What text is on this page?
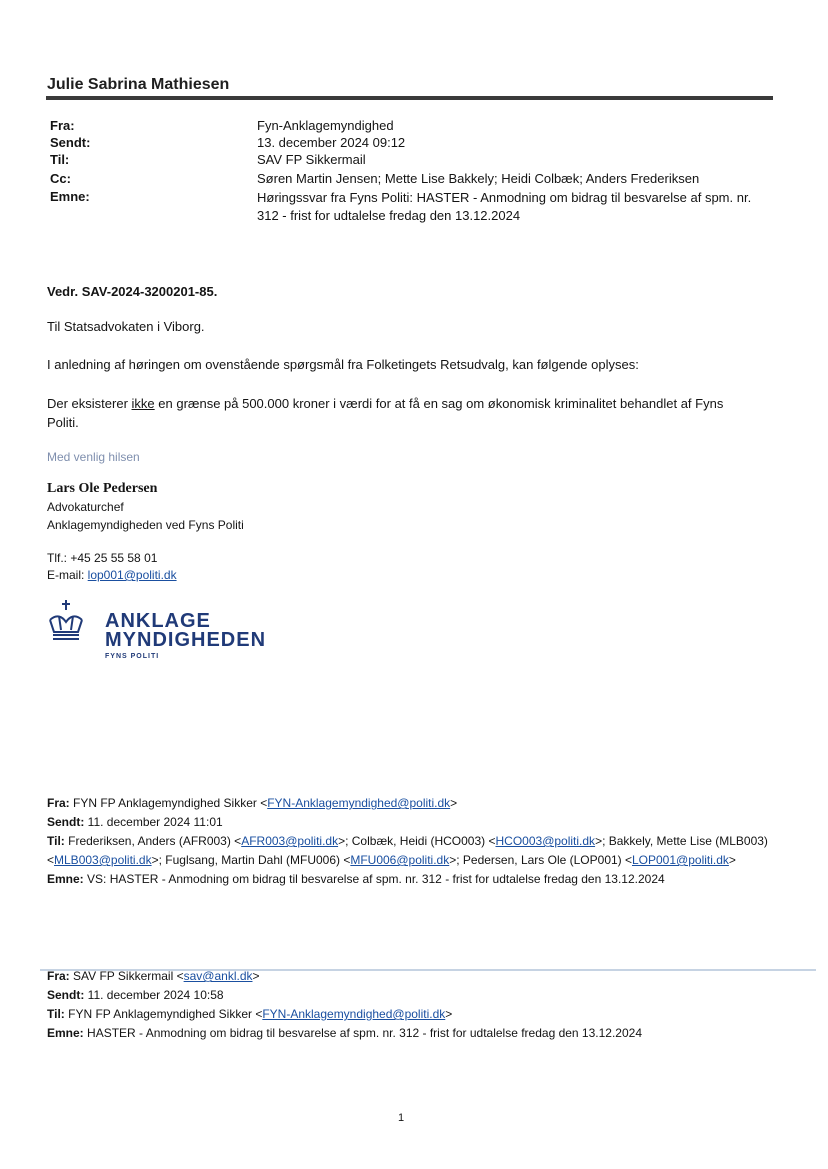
Julie Sabrina Mathiesen
Fra:	Fyn-Anklagemyndighed
Sendt:	13. december 2024 09:12
Til:	SAV FP Sikkermail
Cc:	Søren Martin Jensen; Mette Lise Bakkely; Heidi Colbæk; Anders Frederiksen
Emne:	Høringssvar fra Fyns Politi: HASTER - Anmodning om bidrag til besvarelse af spm. nr. 312 - frist for udtalelse fredag den 13.12.2024
Vedr. SAV-2024-3200201-85.
Til Statsadvokaten i Viborg.
I anledning af høringen om ovenstående spørgsmål fra Folketingets Retsudvalg, kan følgende oplyses:
Der eksisterer ikke en grænse på 500.000 kroner i værdi for at få en sag om økonomisk kriminalitet behandlet af Fyns Politi.
Med venlig hilsen
Lars Ole Pedersen
Advokaturchef
Anklagemyndigheden ved Fyns Politi
Tlf.: +45 25 55 58 01
E-mail: lop001@politi.dk
ANKLAGE
MYNDIGHEDEN
FYNS POLITI
Fra: FYN FP Anklagemyndighed Sikker <FYN-Anklagemyndighed@politi.dk>
Sendt: 11. december 2024 11:01
Til: Frederiksen, Anders (AFR003) <AFR003@politi.dk>; Colbæk, Heidi (HCO003) <HCO003@politi.dk>; Bakkely, Mette Lise (MLB003) <MLB003@politi.dk>; Fuglsang, Martin Dahl (MFU006) <MFU006@politi.dk>; Pedersen, Lars Ole (LOP001) <LOP001@politi.dk>
Emne: VS: HASTER - Anmodning om bidrag til besvarelse af spm. nr. 312 - frist for udtalelse fredag den 13.12.2024
Fra: SAV FP Sikkermail <sav@ankl.dk>
Sendt: 11. december 2024 10:58
Til: FYN FP Anklagemyndighed Sikker <FYN-Anklagemyndighed@politi.dk>
Emne: HASTER - Anmodning om bidrag til besvarelse af spm. nr. 312 - frist for udtalelse fredag den 13.12.2024
1
